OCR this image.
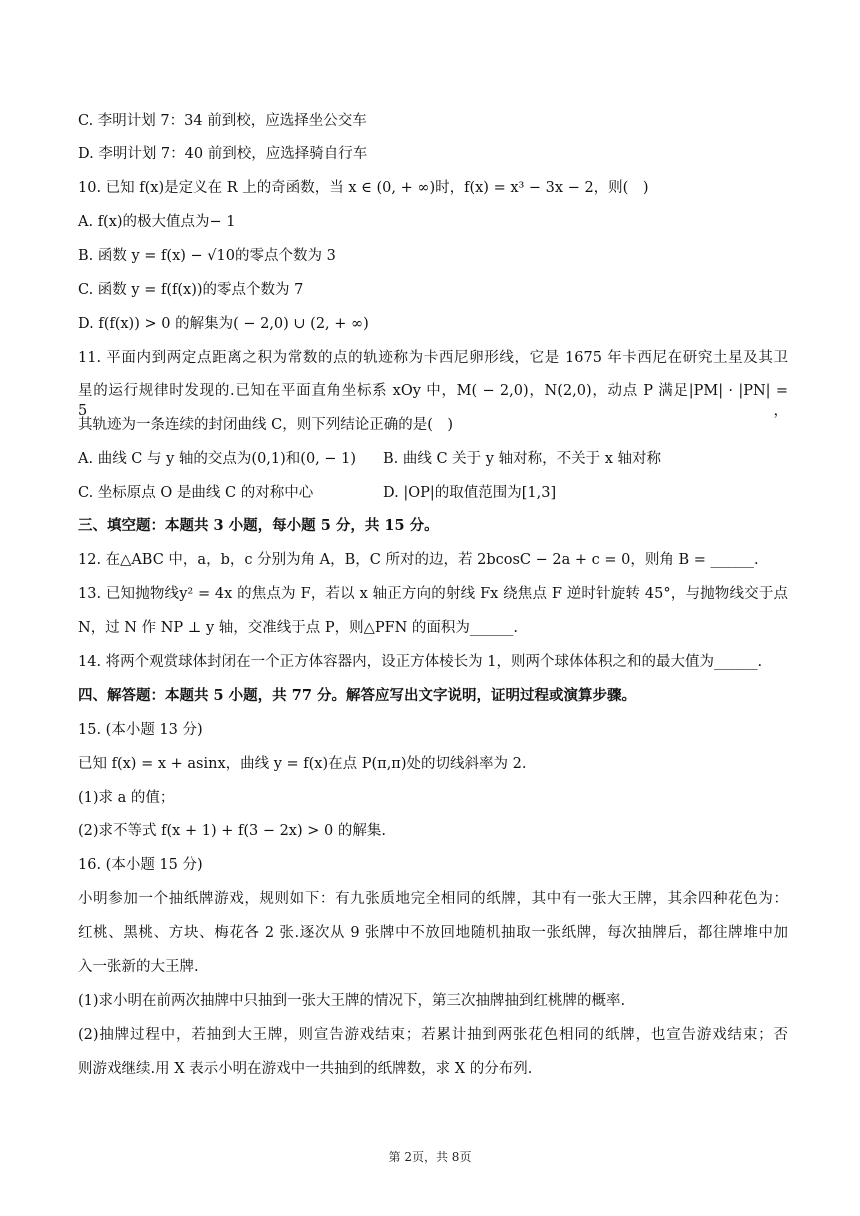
C. 李明计划 7：34 前到校，应选择坐公交车
D. 李明计划 7：40 前到校，应选择骑自行车
10. 已知 f(x)是定义在 R 上的奇函数，当 x ∈ (0, + ∞)时，f(x) = x³ − 3x − 2，则(　)
A. f(x)的极大值点为− 1
B. 函数 y = f(x) − √10的零点个数为 3
C. 函数 y = f(f(x))的零点个数为 7
D. f(f(x)) > 0 的解集为( − 2,0) ∪ (2, + ∞)
11. 平面内到两定点距离之积为常数的点的轨迹称为卡西尼卵形线，它是 1675 年卡西尼在研究土星及其卫
星的运行规律时发现的.已知在平面直角坐标系 xOy 中，M( − 2,0)，N(2,0)，动点 P 满足|PM| · |PN| = 5，
其轨迹为一条连续的封闭曲线 C，则下列结论正确的是(　)
A. 曲线 C 与 y 轴的交点为(0,1)和(0, − 1)	B. 曲线 C 关于 y 轴对称，不关于 x 轴对称
C. 坐标原点 O 是曲线 C 的对称中心	D. |OP|的取值范围为[1,3]
三、填空题：本题共 3 小题，每小题 5 分，共 15 分。
12. 在△ABC 中，a，b，c 分别为角 A，B，C 所对的边，若 2bcosC − 2a + c = 0，则角 B = ______.
13. 已知抛物线y² = 4x 的焦点为 F，若以 x 轴正方向的射线 Fx 绕焦点 F 逆时针旋转 45°，与抛物线交于点
N，过 N 作 NP ⊥ y 轴，交准线于点 P，则△PFN 的面积为______.
14. 将两个观赏球体封闭在一个正方体容器内，设正方体棱长为 1，则两个球体体积之和的最大值为______.
四、解答题：本题共 5 小题，共 77 分。解答应写出文字说明，证明过程或演算步骤。
15. (本小题 13 分)
已知 f(x) = x + asinx，曲线 y = f(x)在点 P(π,π)处的切线斜率为 2.
(1)求 a 的值；
(2)求不等式 f(x + 1) + f(3 − 2x) > 0 的解集.
16. (本小题 15 分)
小明参加一个抽纸牌游戏，规则如下：有九张质地完全相同的纸牌，其中有一张大王牌，其余四种花色为：
红桃、黑桃、方块、梅花各 2 张.逐次从 9 张牌中不放回地随机抽取一张纸牌，每次抽牌后，都往牌堆中加
入一张新的大王牌.
(1)求小明在前两次抽牌中只抽到一张大王牌的情况下，第三次抽牌抽到红桃牌的概率.
(2)抽牌过程中，若抽到大王牌，则宣告游戏结束；若累计抽到两张花色相同的纸牌，也宣告游戏结束；否
则游戏继续.用 X 表示小明在游戏中一共抽到的纸牌数，求 X 的分布列.
第 2页，共 8页
